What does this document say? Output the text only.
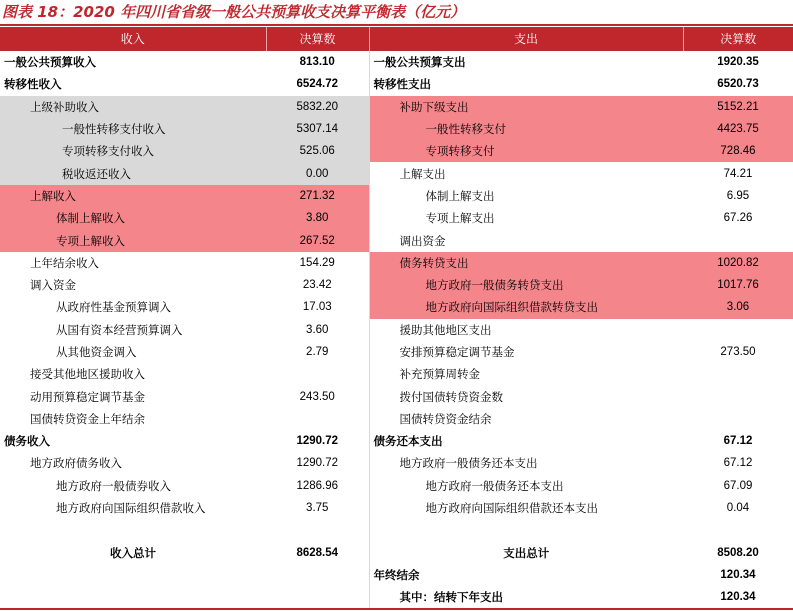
图表 18：2020 年四川省省级一般公共预算收支决算平衡表（亿元）
收入	决算数	支出	决算数
一般公共预算收入	813.10	一般公共预算支出	1920.35
转移性收入	6524.72	转移性支出	6520.73
上级补助收入	5832.20	补助下级支出	5152.21
一般性转移支付收入	5307.14	一般性转移支付	4423.75
专项转移支付收入	525.06	专项转移支付	728.46
税收返还收入	0.00	上解支出	74.21
上解收入	271.32	体制上解支出	6.95
体制上解收入	3.80	专项上解支出	67.26
专项上解收入	267.52	调出资金	
上年结余收入	154.29	债务转贷支出	1020.82
调入资金	23.42	地方政府一般债务转贷支出	1017.76
从政府性基金预算调入	17.03	地方政府向国际组织借款转贷支出	3.06
从国有资本经营预算调入	3.60	援助其他地区支出	
从其他资金调入	2.79	安排预算稳定调节基金	273.50
接受其他地区援助收入		补充预算周转金	
动用预算稳定调节基金	243.50	拨付国债转贷资金数	
国债转贷资金上年结余		国债转贷资金结余	
债务收入	1290.72	债务还本支出	67.12
地方政府债务收入	1290.72	地方政府一般债务还本支出	67.12
地方政府一般债券收入	1286.96	地方政府一般债务还本支出	67.09
地方政府向国际组织借款收入	3.75	地方政府向国际组织借款还本支出	0.04

收入总计	8628.54	支出总计	8508.20
		年终结余	120.34
		其中：结转下年支出	120.34
